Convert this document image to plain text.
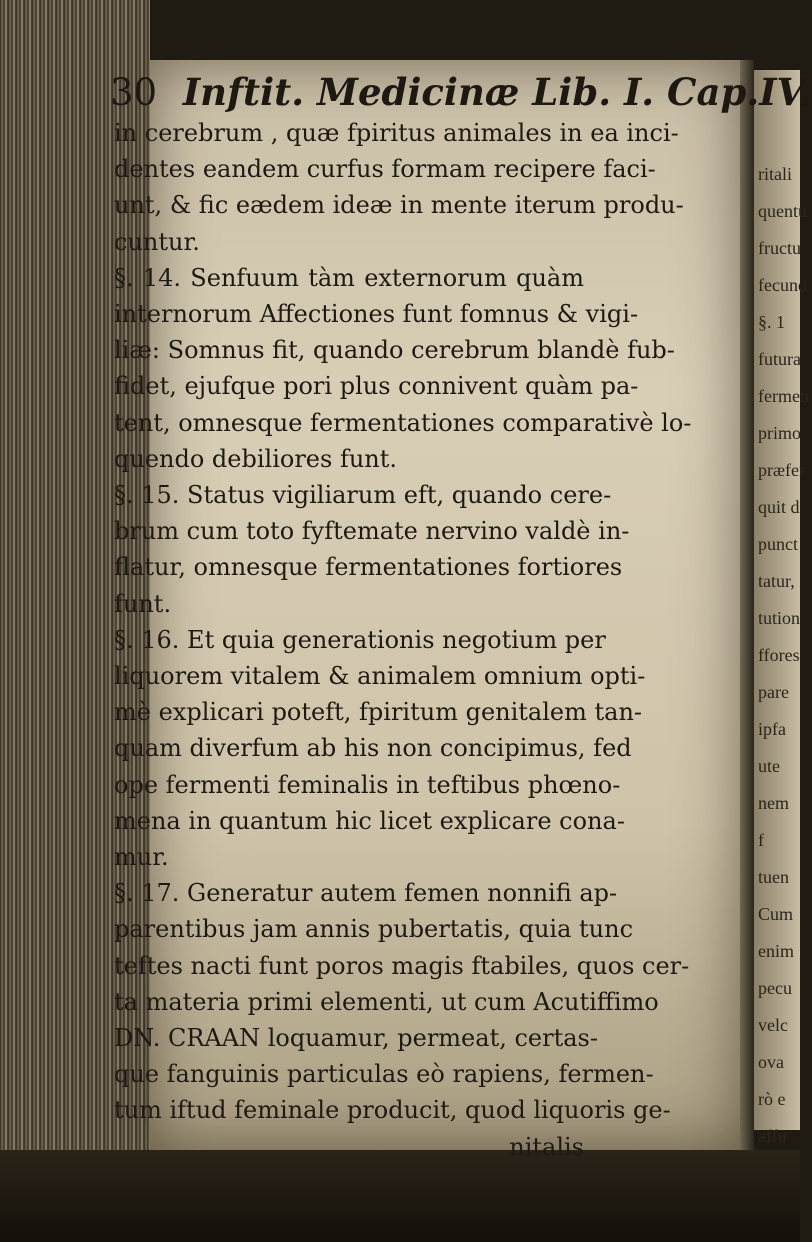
ritali
quentu
fructu
fecund
§. 1
futura
fermen
primo
præfer
quit d
punct
tatur,
tution
ffores
pare
ipfa
ute
nem
f
tuen
Cum
enim
pecu
velc
ova
rò e
affu
30 Inftit. Medicinæ Lib. I. Cap.IV.
in cerebrum , quæ fpiritus animales in ea inci-
dentes eandem curfus formam recipere faci-
unt, & fic eædem ideæ in mente iterum produ-
cuntur.
§. 14. Senfuum tàm externorum quàm
internorum Affectiones funt fomnus & vigi-
liæ: Somnus fit, quando cerebrum blandè fub-
fidet, ejufque pori plus connivent quàm pa-
tent, omnesque fermentationes comparativè lo-
quendo debiliores funt.
§. 15. Status vigiliarum eft, quando cere-
brum cum toto fyftemate nervino valdè in-
flatur, omnesque fermentationes fortiores
funt.
§. 16. Et quia generationis negotium per
liquorem vitalem & animalem omnium opti-
mè explicari poteft, fpiritum genitalem tan-
quam diverfum ab his non concipimus, fed
ope fermenti feminalis in teftibus phœno-
mena in quantum hic licet explicare cona-
mur.
§. 17. Generatur autem femen nonnifi ap-
parentibus jam annis pubertatis, quia tunc
teftes nacti funt poros magis ftabiles, quos cer-
ta materia primi elementi, ut cum Acutiffimo
DN. CRAAN loquamur, permeat, certas-
que fanguinis particulas eò rapiens, fermen-
tum iftud feminale producit, quod liquoris ge-
nitalis
